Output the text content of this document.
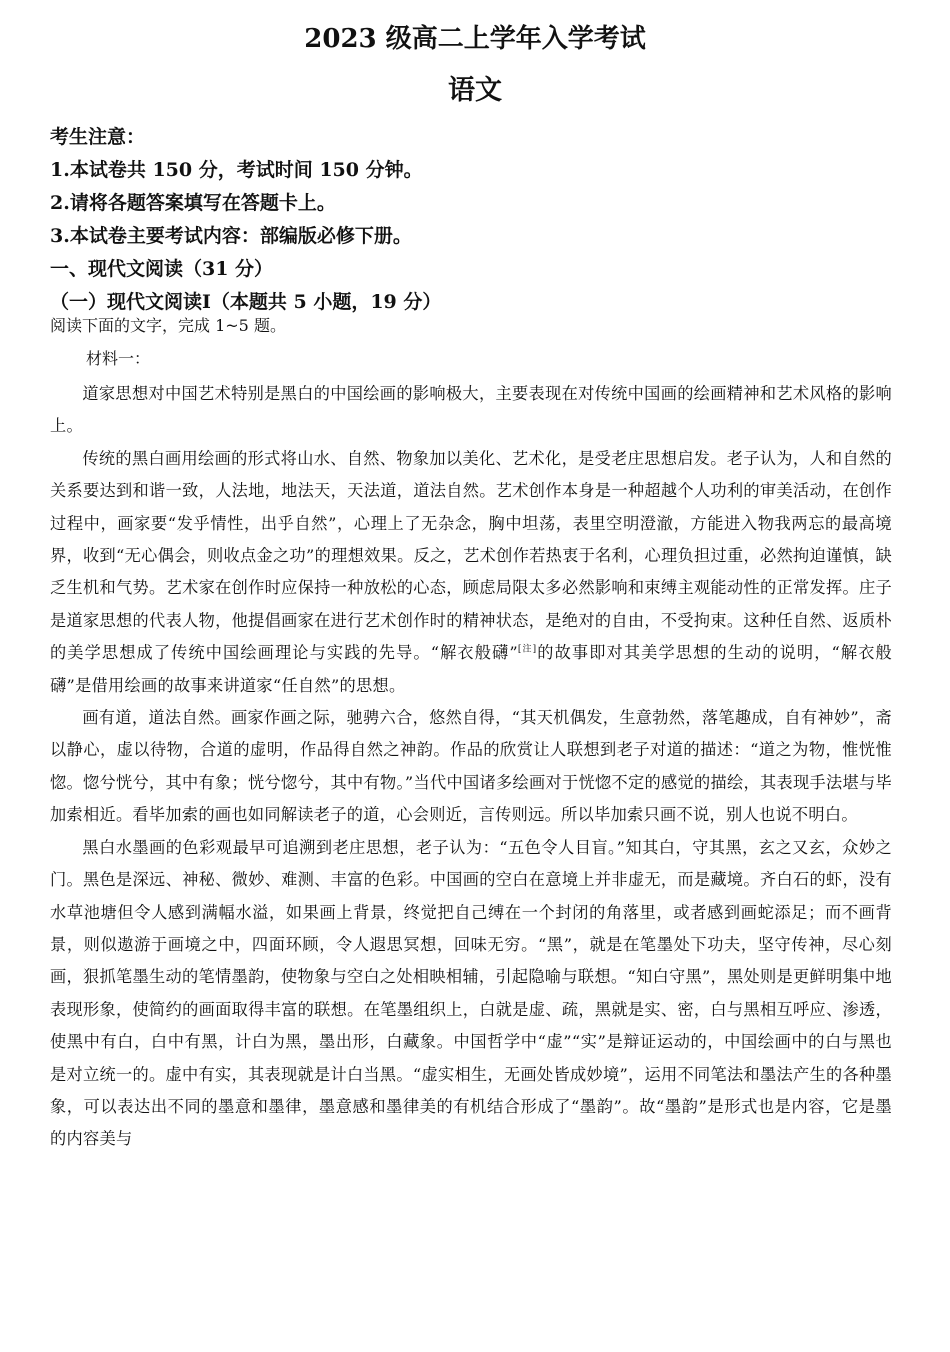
2023 级高二上学年入学考试
语文

考生注意：

1.本试卷共 150 分，考试时间 150 分钟。

2.请将各题答案填写在答题卡上。

3.本试卷主要考试内容：部编版必修下册。

一、现代文阅读（31 分）

（一）现代文阅读Ⅰ（本题共 5 小题，19 分）

阅读下面的文字，完成 1~5 题。

材料一：

道家思想对中国艺术特别是黑白的中国绘画的影响极大，主要表现在对传统中国画的绘画精神和艺术风格的影响上。

传统的黑白画用绘画的形式将山水、自然、物象加以美化、艺术化，是受老庄思想启发。老子认为，人和自然的关系要达到和谐一致，人法地，地法天，天法道，道法自然。艺术创作本身是一种超越个人功利的审美活动，在创作过程中，画家要“发乎情性，出乎自然”，心理上了无杂念，胸中坦荡，表里空明澄澈，方能进入物我两忘的最高境界，收到“无心偶会，则收点金之功”的理想效果。反之，艺术创作若热衷于名利，心理负担过重，必然拘迫谨慎，缺乏生机和气势。艺术家在创作时应保持一种放松的心态，顾虑局限太多必然影响和束缚主观能动性的正常发挥。庄子是道家思想的代表人物，他提倡画家在进行艺术创作时的精神状态，是绝对的自由，不受拘束。这种任自然、返质朴的美学思想成了传统中国绘画理论与实践的先导。“解衣般礴”[注]的故事即对其美学思想的生动的说明，“解衣般礴”是借用绘画的故事来讲道家“任自然”的思想。

画有道，道法自然。画家作画之际，驰骋六合，悠然自得，“其天机偶发，生意勃然，落笔趣成，自有神妙”，斋以静心，虚以待物，合道的虚明，作品得自然之神韵。作品的欣赏让人联想到老子对道的描述：“道之为物，惟恍惟惚。惚兮恍兮，其中有象；恍兮惚兮，其中有物。”当代中国诸多绘画对于恍惚不定的感觉的描绘，其表现手法堪与毕加索相近。看毕加索的画也如同解读老子的道，心会则近，言传则远。所以毕加索只画不说，别人也说不明白。

黑白水墨画的色彩观最早可追溯到老庄思想，老子认为：“五色令人目盲。”知其白，守其黑，玄之又玄，众妙之门。黑色是深远、神秘、微妙、难测、丰富的色彩。中国画的空白在意境上并非虚无，而是藏境。齐白石的虾，没有水草池塘但令人感到满幅水溢，如果画上背景，终觉把自己缚在一个封闭的角落里，或者感到画蛇添足；而不画背景，则似遨游于画境之中，四面环顾，令人遐思冥想，回味无穷。“黑”，就是在笔墨处下功夫，坚守传神，尽心刻画，狠抓笔墨生动的笔情墨韵，使物象与空白之处相映相辅，引起隐喻与联想。“知白守黑”，黑处则是更鲜明集中地表现形象，使简约的画面取得丰富的联想。在笔墨组织上，白就是虚、疏，黑就是实、密，白与黑相互呼应、渗透，使黑中有白，白中有黑，计白为黑，墨出形，白藏象。中国哲学中“虚”“实”是辩证运动的，中国绘画中的白与黑也是对立统一的。虚中有实，其表现就是计白当黑。“虚实相生，无画处皆成妙境”，运用不同笔法和墨法产生的各种墨象，可以表达出不同的墨意和墨律，墨意感和墨律美的有机结合形成了“墨韵”。故“墨韵”是形式也是内容，它是墨的内容美与
